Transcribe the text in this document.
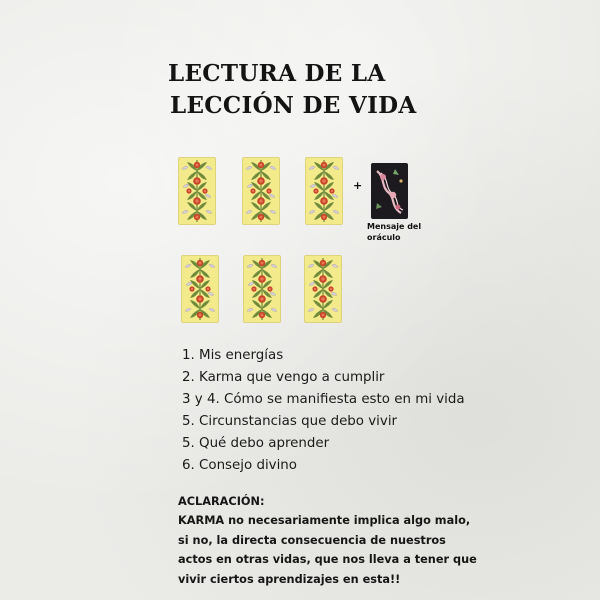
LECTURA DE LA
LECCIÓN DE VIDA
+
Mensaje del
oráculo
1. Mis energías
2. Karma que vengo a cumplir
3 y 4. Cómo se manifiesta esto en mi vida
5. Circunstancias que debo vivir
5. Qué debo aprender
6. Consejo divino
ACLARACIÓN:
KARMA no necesariamente implica algo malo,
si no, la directa consecuencia de nuestros
actos en otras vidas, que nos lleva a tener que
vivir ciertos aprendizajes en esta!!
